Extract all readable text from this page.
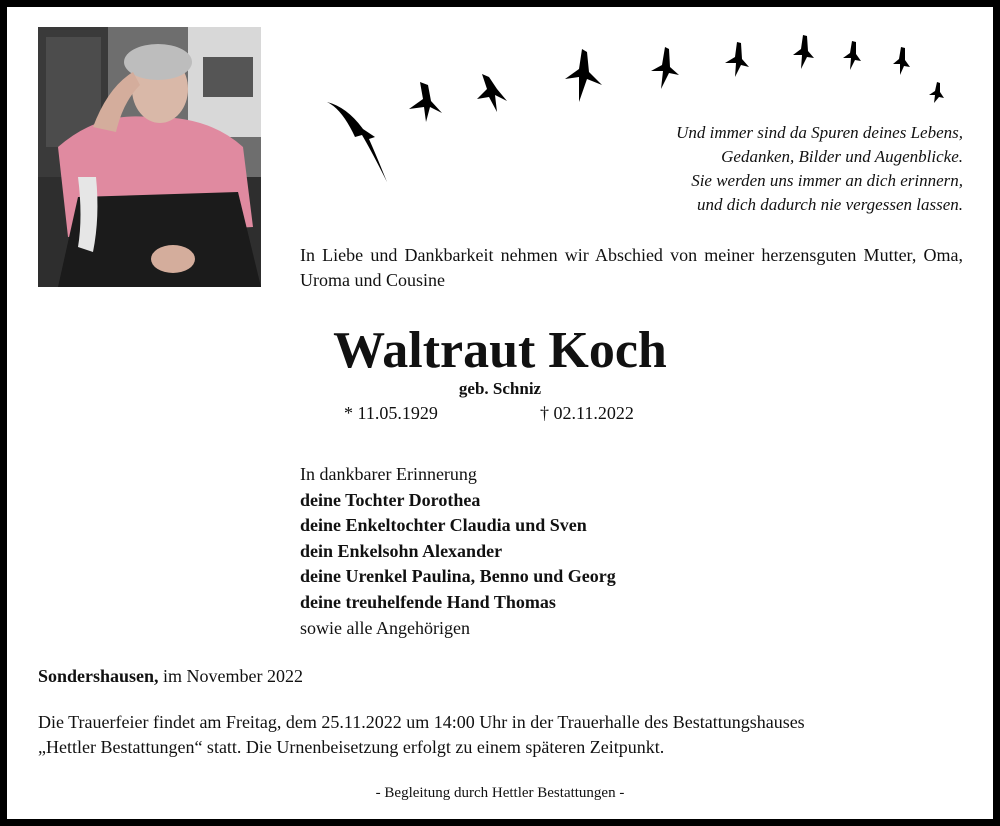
Und immer sind da Spuren deines Lebens,
Gedanken, Bilder und Augenblicke.
Sie werden uns immer an dich erinnern,
und dich dadurch nie vergessen lassen.
In Liebe und Dankbarkeit nehmen wir Abschied von meiner herzensguten Mutter, Oma, Uroma und Cousine
Waltraut Koch
geb. Schniz
* 11.05.1929	† 02.11.2022
In dankbarer Erinnerung
deine Tochter Dorothea
deine Enkeltochter Claudia und Sven
dein Enkelsohn Alexander
deine Urenkel Paulina, Benno und Georg
deine treuhelfende Hand Thomas
sowie alle Angehörigen
Sondershausen, im November 2022
Die Trauerfeier findet am Freitag, dem 25.11.2022 um 14:00 Uhr in der Trauerhalle des Bestattungshauses
„Hettler Bestattungen“ statt. Die Urnenbeisetzung erfolgt zu einem späteren Zeitpunkt.
- Begleitung durch Hettler Bestattungen -
